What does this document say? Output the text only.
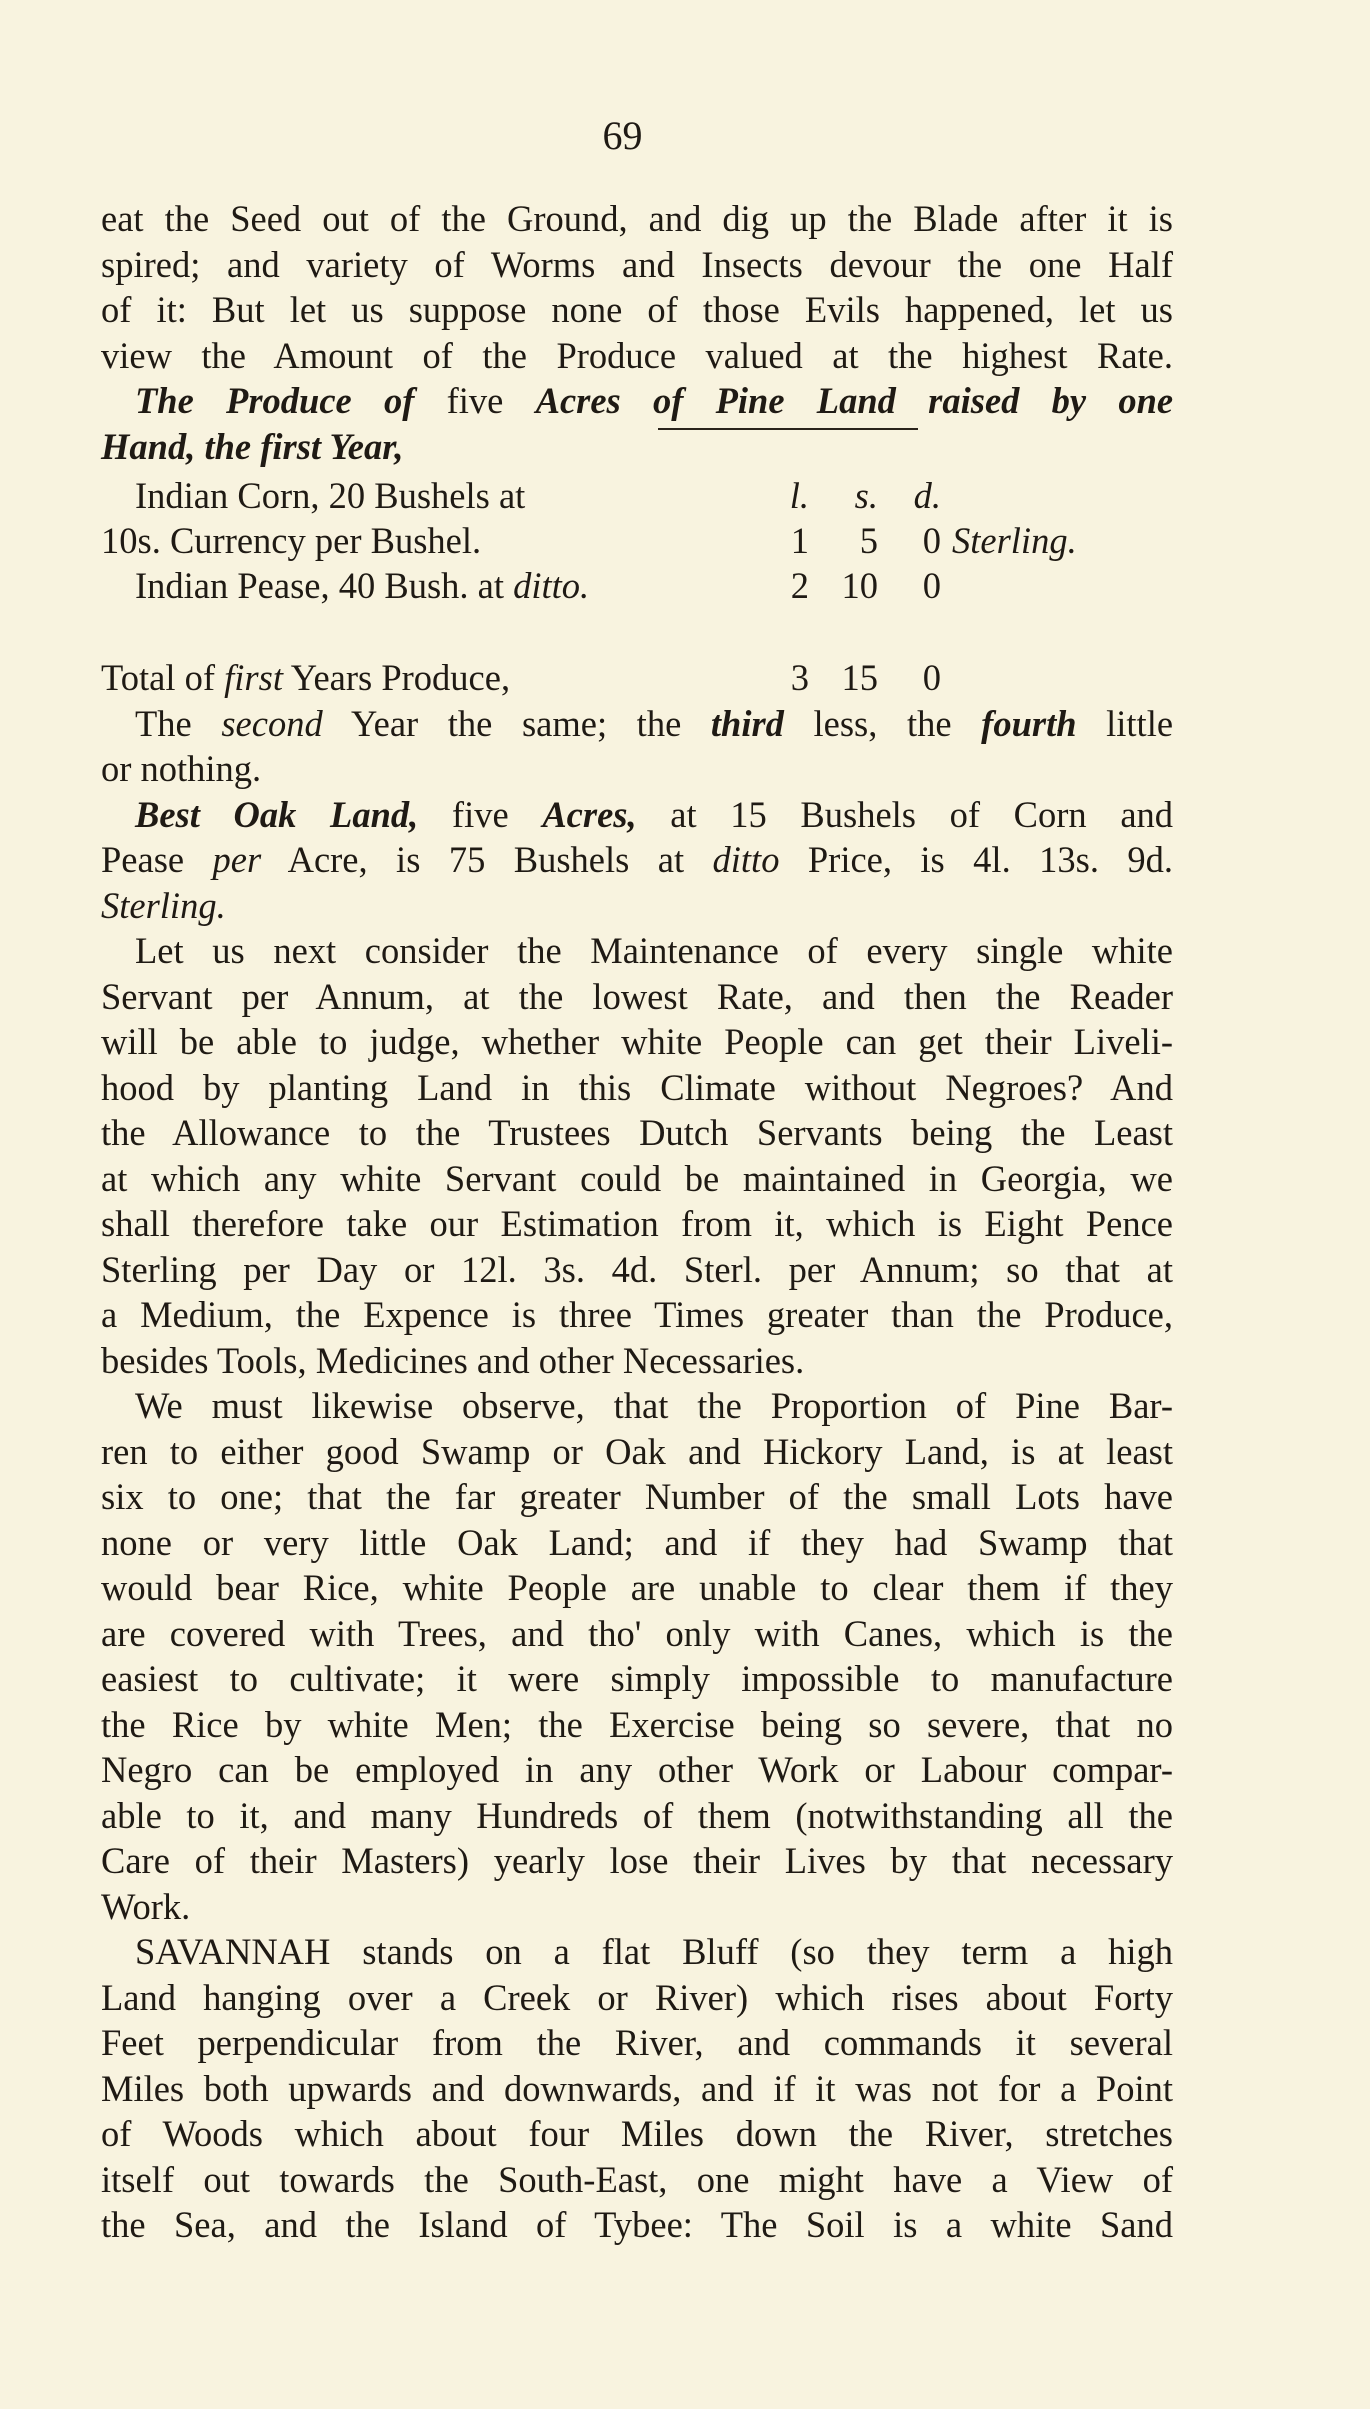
69
eat the Seed out of the Ground, and dig up the Blade after it is
spired; and variety of Worms and Insects devour the one Half
of it: But let us suppose none of those Evils happened, let us
view the Amount of the Produce valued at the highest Rate.
The Produce of five Acres of Pine Land raised by one
Hand, the first Year,
Indian Corn, 20 Bushels at	l.	s. d.
10s. Currency per Bushel.	1	5	0 Sterling.
Indian Pease, 40 Bush. at ditto.	2 10	0
Total of first Years Produce,	3 15	0
The second Year the same; the third less, the fourth little
or nothing.
Best Oak Land, five Acres, at 15 Bushels of Corn and
Pease per Acre, is 75 Bushels at ditto Price, is 4l. 13s. 9d.
Sterling.
Let us next consider the Maintenance of every single white
Servant per Annum, at the lowest Rate, and then the Reader
will be able to judge, whether white People can get their Liveli-
hood by planting Land in this Climate without Negroes? And
the Allowance to the Trustees Dutch Servants being the Least
at which any white Servant could be maintained in Georgia, we
shall therefore take our Estimation from it, which is Eight Pence
Sterling per Day or 12l. 3s. 4d. Sterl. per Annum; so that at
a Medium, the Expence is three Times greater than the Produce,
besides Tools, Medicines and other Necessaries.
We must likewise observe, that the Proportion of Pine Bar-
ren to either good Swamp or Oak and Hickory Land, is at least
six to one; that the far greater Number of the small Lots have
none or very little Oak Land; and if they had Swamp that
would bear Rice, white People are unable to clear them if they
are covered with Trees, and tho' only with Canes, which is the
easiest to cultivate; it were simply impossible to manufacture
the Rice by white Men; the Exercise being so severe, that no
Negro can be employed in any other Work or Labour compar-
able to it, and many Hundreds of them (notwithstanding all the
Care of their Masters) yearly lose their Lives by that necessary
Work.
SAVANNAH stands on a flat Bluff (so they term a high
Land hanging over a Creek or River) which rises about Forty
Feet perpendicular from the River, and commands it several
Miles both upwards and downwards, and if it was not for a Point
of Woods which about four Miles down the River, stretches
itself out towards the South-East, one might have a View of
the Sea, and the Island of Tybee: The Soil is a white Sand
